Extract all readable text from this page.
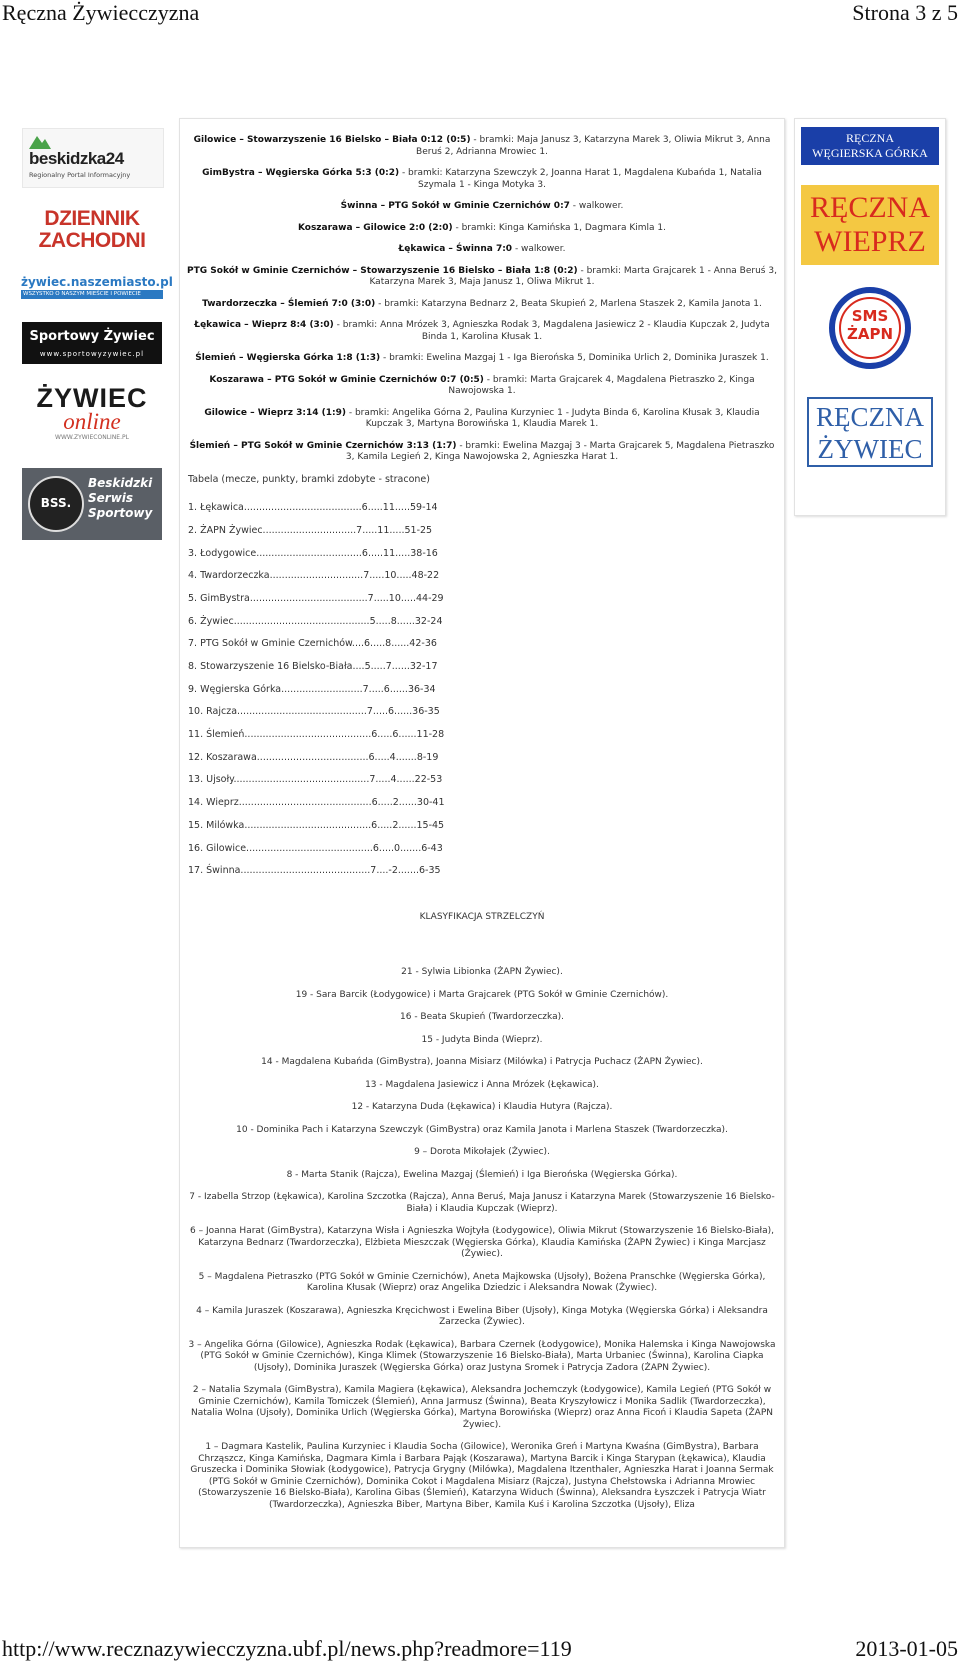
Ręczna Żywiecczyzna	Strona 3 z 5
beskidzka24
Regionalny Portal Informacyjny
DZIENNIK
ZACHODNI
żywiec.naszemiasto.pl
WSZYSTKO O NASZYM MIEŚCIE I POWIECIE
Sportowy Żywiec
www.sportowyzywiec.pl
ŻYWIEC
online
WWW.ZYWIECONLINE.PL
BSS.
Beskidzki
Serwis
Sportowy

Gilowice – Stowarzyszenie 16 Bielsko – Biała 0:12 (0:5) - bramki: Maja Janusz 3, Katarzyna Marek 3, Oliwia Mikrut 3, Anna Beruś 2, Adrianna Mrowiec 1.

GimBystra – Węgierska Górka 5:3 (0:2) - bramki: Katarzyna Szewczyk 2, Joanna Harat 1, Magdalena Kubańda 1, Natalia Szymala 1 - Kinga Motyka 3.

Świnna – PTG Sokół w Gminie Czernichów 0:7 - walkower.

Koszarawa – Gilowice 2:0 (2:0) - bramki: Kinga Kamińska 1, Dagmara Kimla 1.

Łękawica – Świnna 7:0 - walkower.

PTG Sokół w Gminie Czernichów – Stowarzyszenie 16 Bielsko – Biała 1:8 (0:2) - bramki: Marta Grajcarek 1 - Anna Beruś 3, Katarzyna Marek 3, Maja Janusz 1, Oliwa Mikrut 1.

Twardorzeczka – Ślemień 7:0 (3:0) - bramki: Katarzyna Bednarz 2, Beata Skupień 2, Marlena Staszek 2, Kamila Janota 1.

Łękawica – Wieprz 8:4 (3:0) - bramki: Anna Mrózek 3, Agnieszka Rodak 3, Magdalena Jasiewicz 2 - Klaudia Kupczak 2, Judyta Binda 1, Karolina Kłusak 1.

Ślemień – Węgierska Górka 1:8 (1:3) - bramki: Ewelina Mazgaj 1 - Iga Bierońska 5, Dominika Urlich 2, Dominika Juraszek 1.

Koszarawa – PTG Sokół w Gminie Czernichów 0:7 (0:5) - bramki: Marta Grajcarek 4, Magdalena Pietraszko 2, Kinga Nawojowska 1.

Gilowice – Wieprz 3:14 (1:9) - bramki: Angelika Górna 2, Paulina Kurzyniec 1 - Judyta Binda 6, Karolina Kłusak 3, Klaudia Kupczak 3, Martyna Borowińska 1, Klaudia Marek 1.

Ślemień – PTG Sokół w Gminie Czernichów 3:13 (1:7) - bramki: Ewelina Mazgaj 3 - Marta Grajcarek 5, Magdalena Pietraszko 3, Kamila Legień 2, Kinga Nawojowska 2, Agnieszka Harat 1.

Tabela (mecze, punkty, bramki zdobyte - stracone)

1. Łękawica.......................................6.....11.....59-14

2. ŻAPN Żywiec...............................7.....11.....51-25

3. Łodygowice...................................6.....11.....38-16

4. Twardorzeczka...............................7.....10.....48-22

5. GimBystra.......................................7.....10.....44-29

6. Żywiec.............................................5.....8......32-24

7. PTG Sokół w Gminie Czernichów....6.....8......42-36

8. Stowarzyszenie 16 Bielsko-Biała....5.....7......32-17

9. Węgierska Górka...........................7.....6......36-34

10. Rajcza...........................................7.....6......36-35

11. Ślemień..........................................6.....6......11-28

12. Koszarawa.....................................6.....4.......8-19

13. Ujsoły.............................................7.....4......22-53

14. Wieprz............................................6.....2......30-41

15. Milówka..........................................6.....2......15-45

16. Gilowice..........................................6.....0.......6-43

17. Świnna...........................................7....-2.......6-35

KLASYFIKACJA STRZELCZYŃ

21 - Sylwia Libionka (ŻAPN Żywiec).

19 - Sara Barcik (Łodygowice) i Marta Grajcarek (PTG Sokół w Gminie Czernichów).

16 - Beata Skupień (Twardorzeczka).

15 - Judyta Binda (Wieprz).

14 - Magdalena Kubańda (GimBystra), Joanna Misiarz (Milówka) i Patrycja Puchacz (ŻAPN Żywiec).

13 - Magdalena Jasiewicz i Anna Mrózek (Łękawica).

12 - Katarzyna Duda (Łękawica) i Klaudia Hutyra (Rajcza).

10 - Dominika Pach i Katarzyna Szewczyk (GimBystra) oraz Kamila Janota i Marlena Staszek (Twardorzeczka).

9 – Dorota Mikołajek (Żywiec).

8 - Marta Stanik (Rajcza), Ewelina Mazgaj (Ślemień) i Iga Bierońska (Węgierska Górka).

7 - Izabella Strzop (Łękawica), Karolina Szczotka (Rajcza), Anna Beruś, Maja Janusz i Katarzyna Marek (Stowarzyszenie 16 Bielsko-Biała) i Klaudia Kupczak (Wieprz).

6 – Joanna Harat (GimBystra), Katarzyna Wisła i Agnieszka Wojtyła (Łodygowice), Oliwia Mikrut (Stowarzyszenie 16 Bielsko-Biała), Katarzyna Bednarz (Twardorzeczka), Elżbieta Mieszczak (Węgierska Górka), Klaudia Kamińska (ŻAPN Żywiec) i Kinga Marcjasz (Żywiec).

5 – Magdalena Pietraszko (PTG Sokół w Gminie Czernichów), Aneta Majkowska (Ujsoły), Bożena Pranschke (Węgierska Górka), Karolina Kłusak (Wieprz) oraz Angelika Dziedzic i Aleksandra Nowak (Żywiec).

4 – Kamila Juraszek (Koszarawa), Agnieszka Kręcichwost i Ewelina Biber (Ujsoły), Kinga Motyka (Węgierska Górka) i Aleksandra Zarzecka (Żywiec).

3 – Angelika Górna (Gilowice), Agnieszka Rodak (Łękawica), Barbara Czernek (Łodygowice), Monika Halemska i Kinga Nawojowska (PTG Sokół w Gminie Czernichów), Kinga Klimek (Stowarzyszenie 16 Bielsko-Biała), Marta Urbaniec (Świnna), Karolina Ciapka (Ujsoły), Dominika Juraszek (Węgierska Górka) oraz Justyna Sromek i Patrycja Zadora (ŻAPN Żywiec).

2 – Natalia Szymala (GimBystra), Kamila Magiera (Łękawica), Aleksandra Jochemczyk (Łodygowice), Kamila Legień (PTG Sokół w Gminie Czernichów), Kamila Tomiczek (Ślemień), Anna Jarmusz (Świnna), Beata Kryszyłowicz i Monika Sadlik (Twardorzeczka), Natalia Wolna (Ujsoły), Dominika Urlich (Węgierska Górka), Martyna Borowińska (Wieprz) oraz Anna Ficoń i Klaudia Sapeta (ŻAPN Żywiec).

1 – Dagmara Kastelik, Paulina Kurzyniec i Klaudia Socha (Gilowice), Weronika Greń i Martyna Kwaśna (GimBystra), Barbara Chrząszcz, Kinga Kamińska, Dagmara Kimla i Barbara Pająk (Koszarawa), Martyna Barcik i Kinga Starypan (Łękawica), Klaudia Gruszecka i Dominika Słowiak (Łodygowice), Patrycja Grygny (Milówka), Magdalena Itzenthaler, Agnieszka Harat i Joanna Sermak (PTG Sokół w Gminie Czernichów), Dominika Cokot i Magdalena Misiarz (Rajcza), Justyna Chełstowska i Adrianna Mrowiec (Stowarzyszenie 16 Bielsko-Biała), Karolina Gibas (Ślemień), Katarzyna Widuch (Świnna), Aleksandra Łyszczek i Patrycja Wiatr (Twardorzeczka), Agnieszka Biber, Martyna Biber, Kamila Kuś i Karolina Szczotka (Ujsoły), Eliza

RĘCZNA
WĘGIERSKA GÓRKA
RĘCZNA
WIEPRZ
SMS
ŻAPN
RĘCZNA
ŻYWIEC
http://www.recznazywiecczyzna.ubf.pl/news.php?readmore=119	2013-01-05
